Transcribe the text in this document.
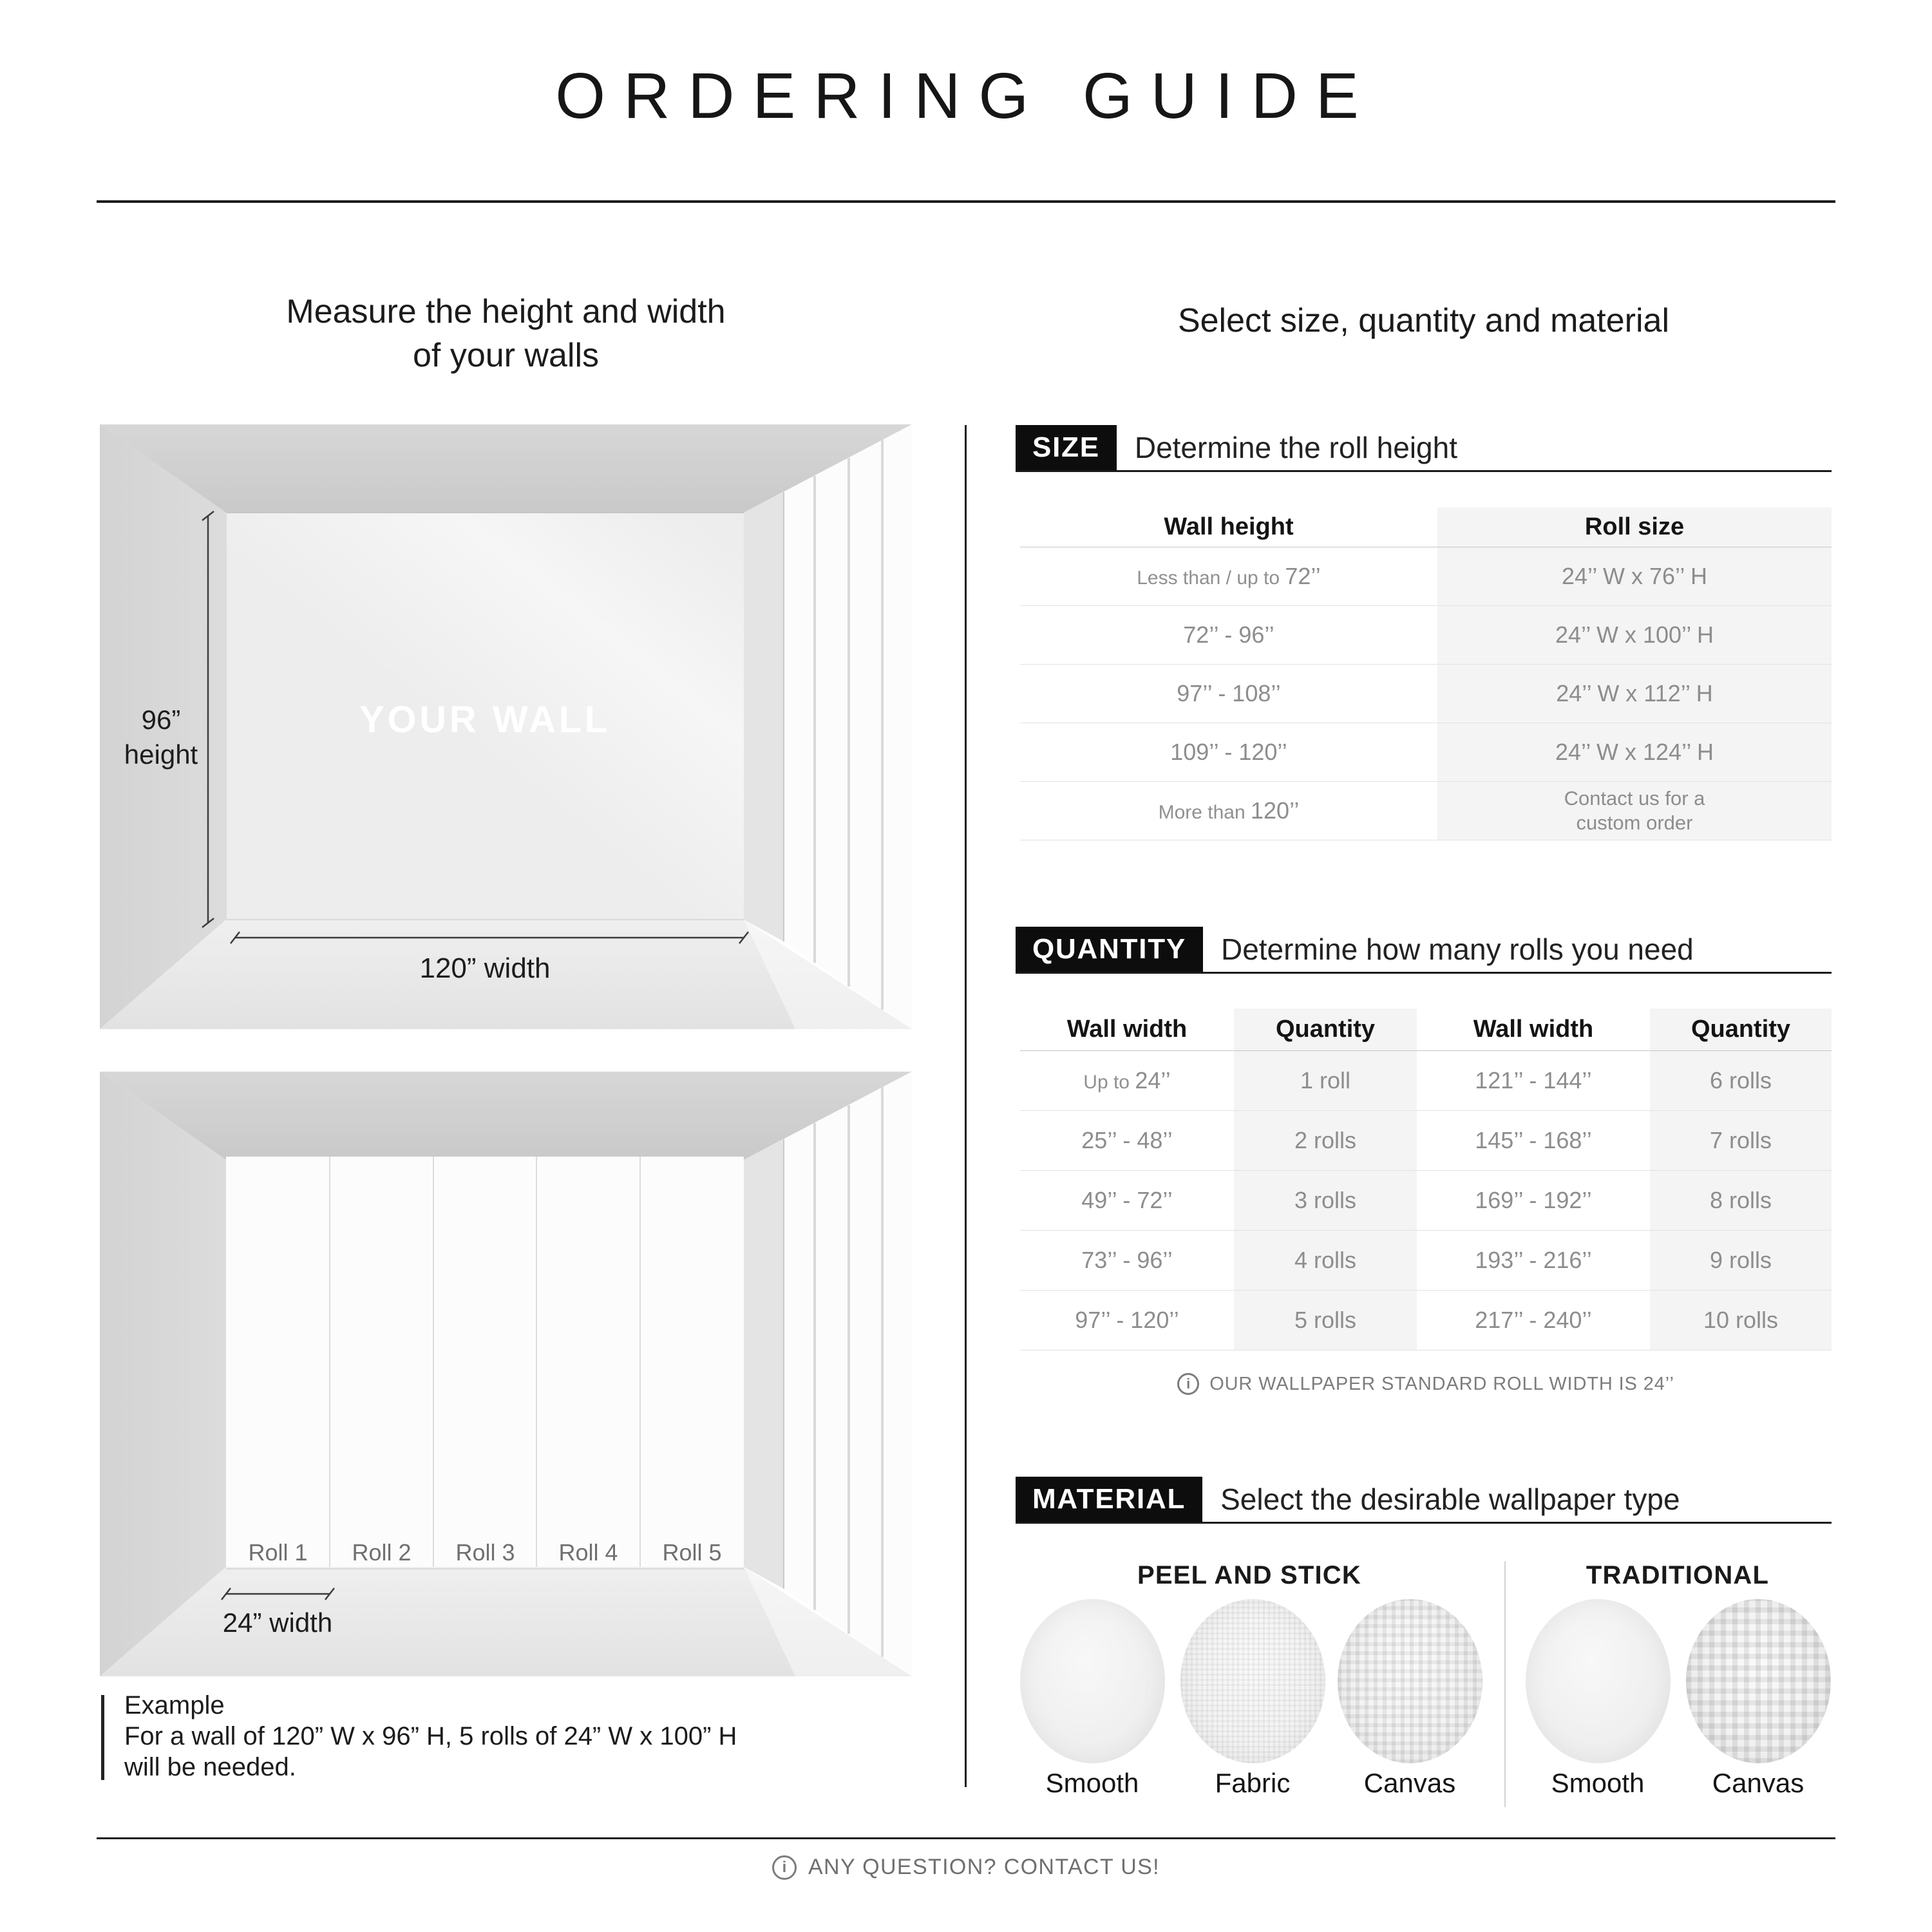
ORDERING GUIDE
Measure the height and width
of your walls
Select size, quantity and material
96”
height
YOUR WALL
120” width
Roll 1	Roll 2	Roll 3	Roll 4	Roll 5
24” width
Example
For a wall of 120” W x 96” H, 5 rolls of 24” W x 100” H
will be needed.
SIZE	Determine the roll height
Wall height	Roll size
Less than / up to 72’’	24’’ W x 76’’ H
72’’ - 96’’	24’’ W x 100’’ H
97’’ - 108’’	24’’ W x 112’’ H
109’’ - 120’’	24’’ W x 124’’ H
More than 120’’	Contact us for a
custom order
QUANTITY	Determine how many rolls you need
Wall width	Quantity	Wall width	Quantity
Up to 24’’	1 roll	121’’ - 144’’	6 rolls
25’’ - 48’’	2 rolls	145’’ - 168’’	7 rolls
49’’ - 72’’	3 rolls	169’’ - 192’’	8 rolls
73’’ - 96’’	4 rolls	193’’ - 216’’	9 rolls
97’’ - 120’’	5 rolls	217’’ - 240’’	10 rolls
i OUR WALLPAPER STANDARD ROLL WIDTH IS 24’’
MATERIAL	Select the desirable wallpaper type
PEEL AND STICK	TRADITIONAL
Smooth	Fabric	Canvas	Smooth	Canvas
i ANY QUESTION? CONTACT US!
